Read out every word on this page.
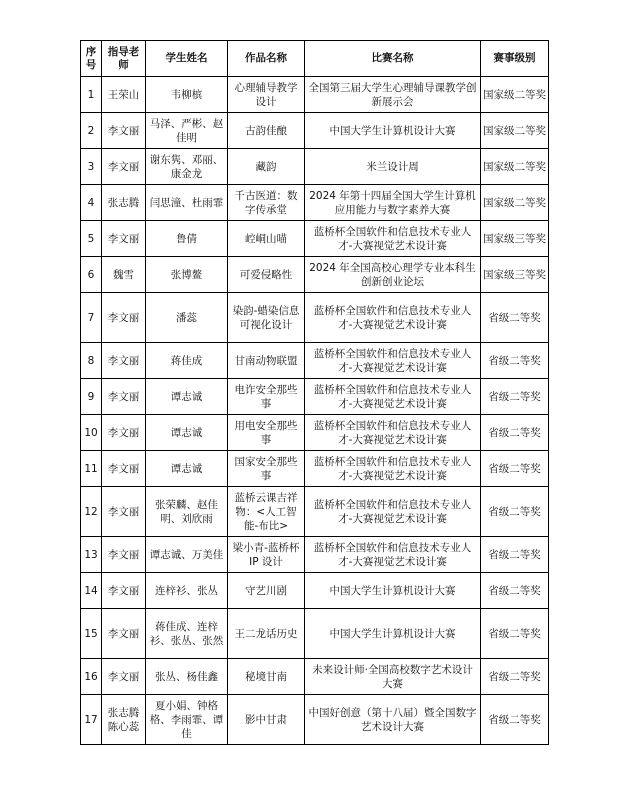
序号	指导老师	学生姓名	作品名称	比赛名称	赛事级别
1	王荣山	韦柳槟	心理辅导教学设计	全国第三届大学生心理辅导课教学创新展示会	国家级二等奖
2	李文丽	马泽、严彬、赵佳明	古韵佳酿	中国大学生计算机设计大赛	国家级二等奖
3	李文丽	谢东隽、邓丽、康金龙	藏韵	米兰设计周	国家级二等奖
4	张志腾	闫思潼、杜雨霏	千古医道：数字传承堂	2024 年第十四届全国大学生计算机应用能力与数字素养大赛	国家级二等奖
5	李文丽	鲁倩	崆峒山喵	蓝桥杯全国软件和信息技术专业人才-大赛视觉艺术设计赛	国家级三等奖
6	魏雪	张博鳌	可爱侵略性	2024 年全国高校心理学专业本科生创新创业论坛	国家级三等奖
7	李文丽	潘蕊	染韵-蜡染信息可视化设计	蓝桥杯全国软件和信息技术专业人才-大赛视觉艺术设计赛	省级二等奖
8	李文丽	蒋佳成	甘南动物联盟	蓝桥杯全国软件和信息技术专业人才-大赛视觉艺术设计赛	省级二等奖
9	李文丽	谭志诚	电诈安全那些事	蓝桥杯全国软件和信息技术专业人才-大赛视觉艺术设计赛	省级二等奖
10	李文丽	谭志诚	用电安全那些事	蓝桥杯全国软件和信息技术专业人才-大赛视觉艺术设计赛	省级二等奖
11	李文丽	谭志诚	国家安全那些事	蓝桥杯全国软件和信息技术专业人才-大赛视觉艺术设计赛	省级二等奖
12	李文丽	张荣麟、赵佳明、刘欣雨	蓝桥云课吉祥物：<人工智能-布比>	蓝桥杯全国软件和信息技术专业人才-大赛视觉艺术设计赛	省级二等奖
13	李文丽	谭志诚、万美佳	梁小青-蓝桥杯 IP 设计	蓝桥杯全国软件和信息技术专业人才-大赛视觉艺术设计赛	省级二等奖
14	李文丽	连梓衫、张丛	守艺川剧	中国大学生计算机设计大赛	省级二等奖
15	李文丽	蒋佳成、连梓衫、张丛、张然	王二龙话历史	中国大学生计算机设计大赛	省级二等奖
16	李文丽	张丛、杨佳鑫	秘境甘南	未来设计师·全国高校数字艺术设计大赛	省级二等奖
17	张志腾陈心蕊	夏小娟、钟格格、李雨霏、谭佳	影中甘肃	中国好创意（第十八届）暨全国数字艺术设计大赛	省级二等奖
